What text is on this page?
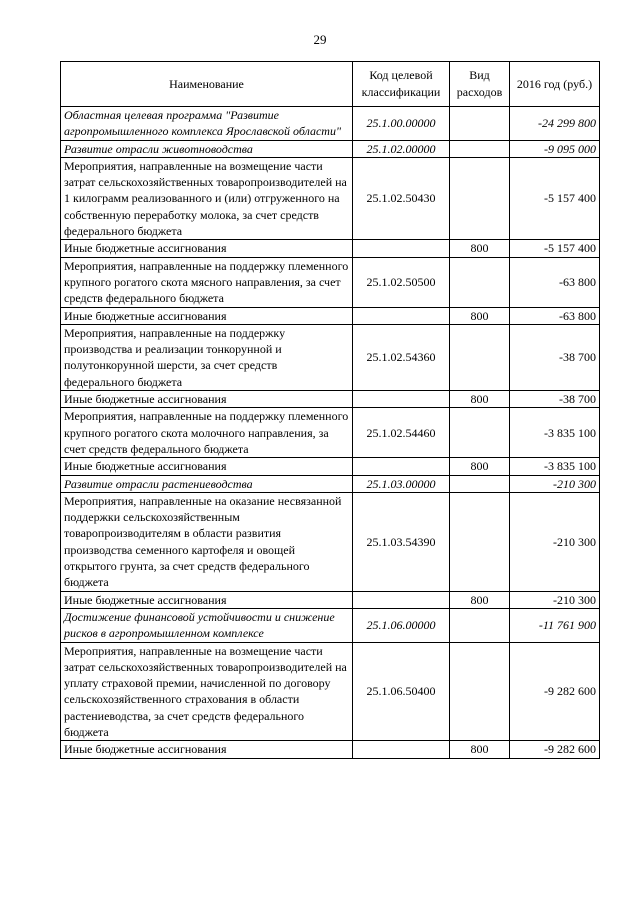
29
Наименование	Код целевой классификации	Вид расходов	2016 год (руб.)
Областная целевая программа "Развитие агропромышленного комплекса Ярославской области"	25.1.00.00000		-24 299 800
Развитие отрасли животноводства	25.1.02.00000		-9 095 000
Мероприятия, направленные на возмещение части затрат сельскохозяйственных товаропроизводителей на 1 килограмм реализованного и (или) отгруженного на собственную переработку молока, за счет средств федерального бюджета	25.1.02.50430		-5 157 400
Иные бюджетные ассигнования		800	-5 157 400
Мероприятия, направленные на поддержку племенного крупного рогатого скота мясного направления, за счет средств федерального бюджета	25.1.02.50500		-63 800
Иные бюджетные ассигнования		800	-63 800
Мероприятия, направленные на поддержку производства и реализации тонкорунной и полутонкорунной шерсти, за счет средств федерального бюджета	25.1.02.54360		-38 700
Иные бюджетные ассигнования		800	-38 700
Мероприятия, направленные на поддержку племенного крупного рогатого скота молочного направления, за счет средств федерального бюджета	25.1.02.54460		-3 835 100
Иные бюджетные ассигнования		800	-3 835 100
Развитие отрасли растениеводства	25.1.03.00000		-210 300
Мероприятия, направленные на оказание несвязанной поддержки сельскохозяйственным товаропроизводителям в области развития производства семенного картофеля и овощей открытого грунта, за счет средств федерального бюджета	25.1.03.54390		-210 300
Иные бюджетные ассигнования		800	-210 300
Достижение финансовой устойчивости и снижение рисков в агропромышленном комплексе	25.1.06.00000		-11 761 900
Мероприятия, направленные на возмещение части затрат сельскохозяйственных товаропроизводителей на уплату страховой премии, начисленной по договору сельскохозяйственного страхования в области растениеводства, за счет средств федерального бюджета	25.1.06.50400		-9 282 600
Иные бюджетные ассигнования		800	-9 282 600
